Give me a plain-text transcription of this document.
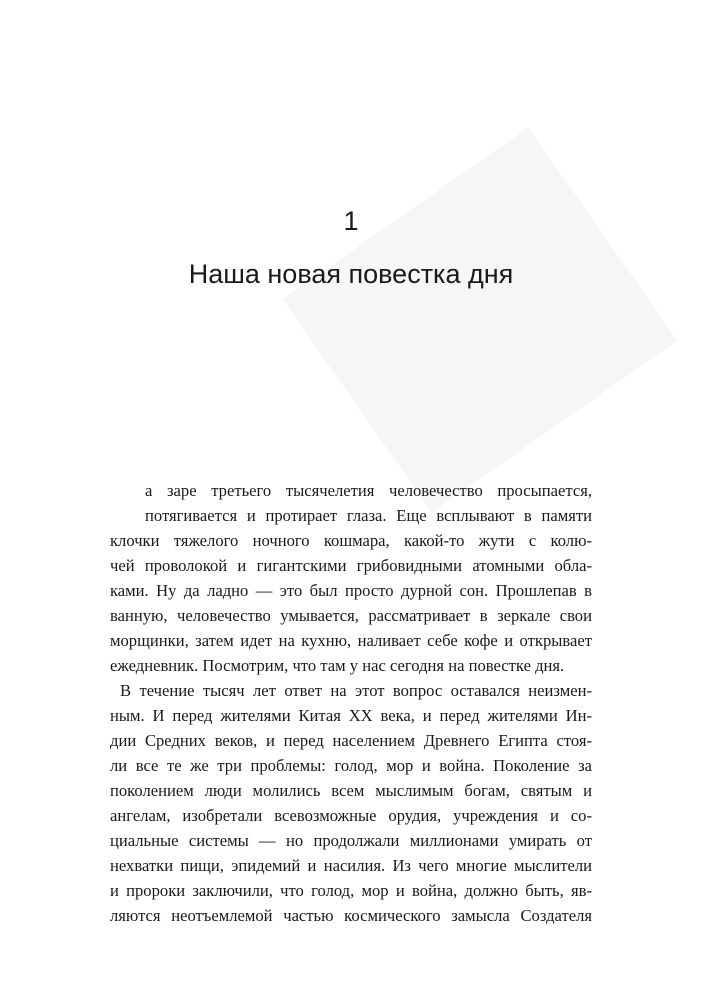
1
Наша новая повестка дня
а заре третьего тысячелетия человечество просыпается,
потягивается и протирает глаза. Еще всплывают в памяти
клочки тяжелого ночного кошмара, какой-то жути с колю-
чей проволокой и гигантскими грибовидными атомными обла-
ками. Ну да ладно — это был просто дурной сон. Прошлепав в
ванную, человечество умывается, рассматривает в зеркале свои
морщинки, затем идет на кухню, наливает себе кофе и открывает
ежедневник. Посмотрим, что там у нас сегодня на повестке дня.
В течение тысяч лет ответ на этот вопрос оставался неизмен-
ным. И перед жителями Китая XX века, и перед жителями Ин-
дии Средних веков, и перед населением Древнего Египта стоя-
ли все те же три проблемы: голод, мор и война. Поколение за
поколением люди молились всем мыслимым богам, святым и
ангелам, изобретали всевозможные орудия, учреждения и со-
циальные системы — но продолжали миллионами умирать от
нехватки пищи, эпидемий и насилия. Из чего многие мыслители
и пророки заключили, что голод, мор и война, должно быть, яв-
ляются неотъемлемой частью космического замысла Создателя
